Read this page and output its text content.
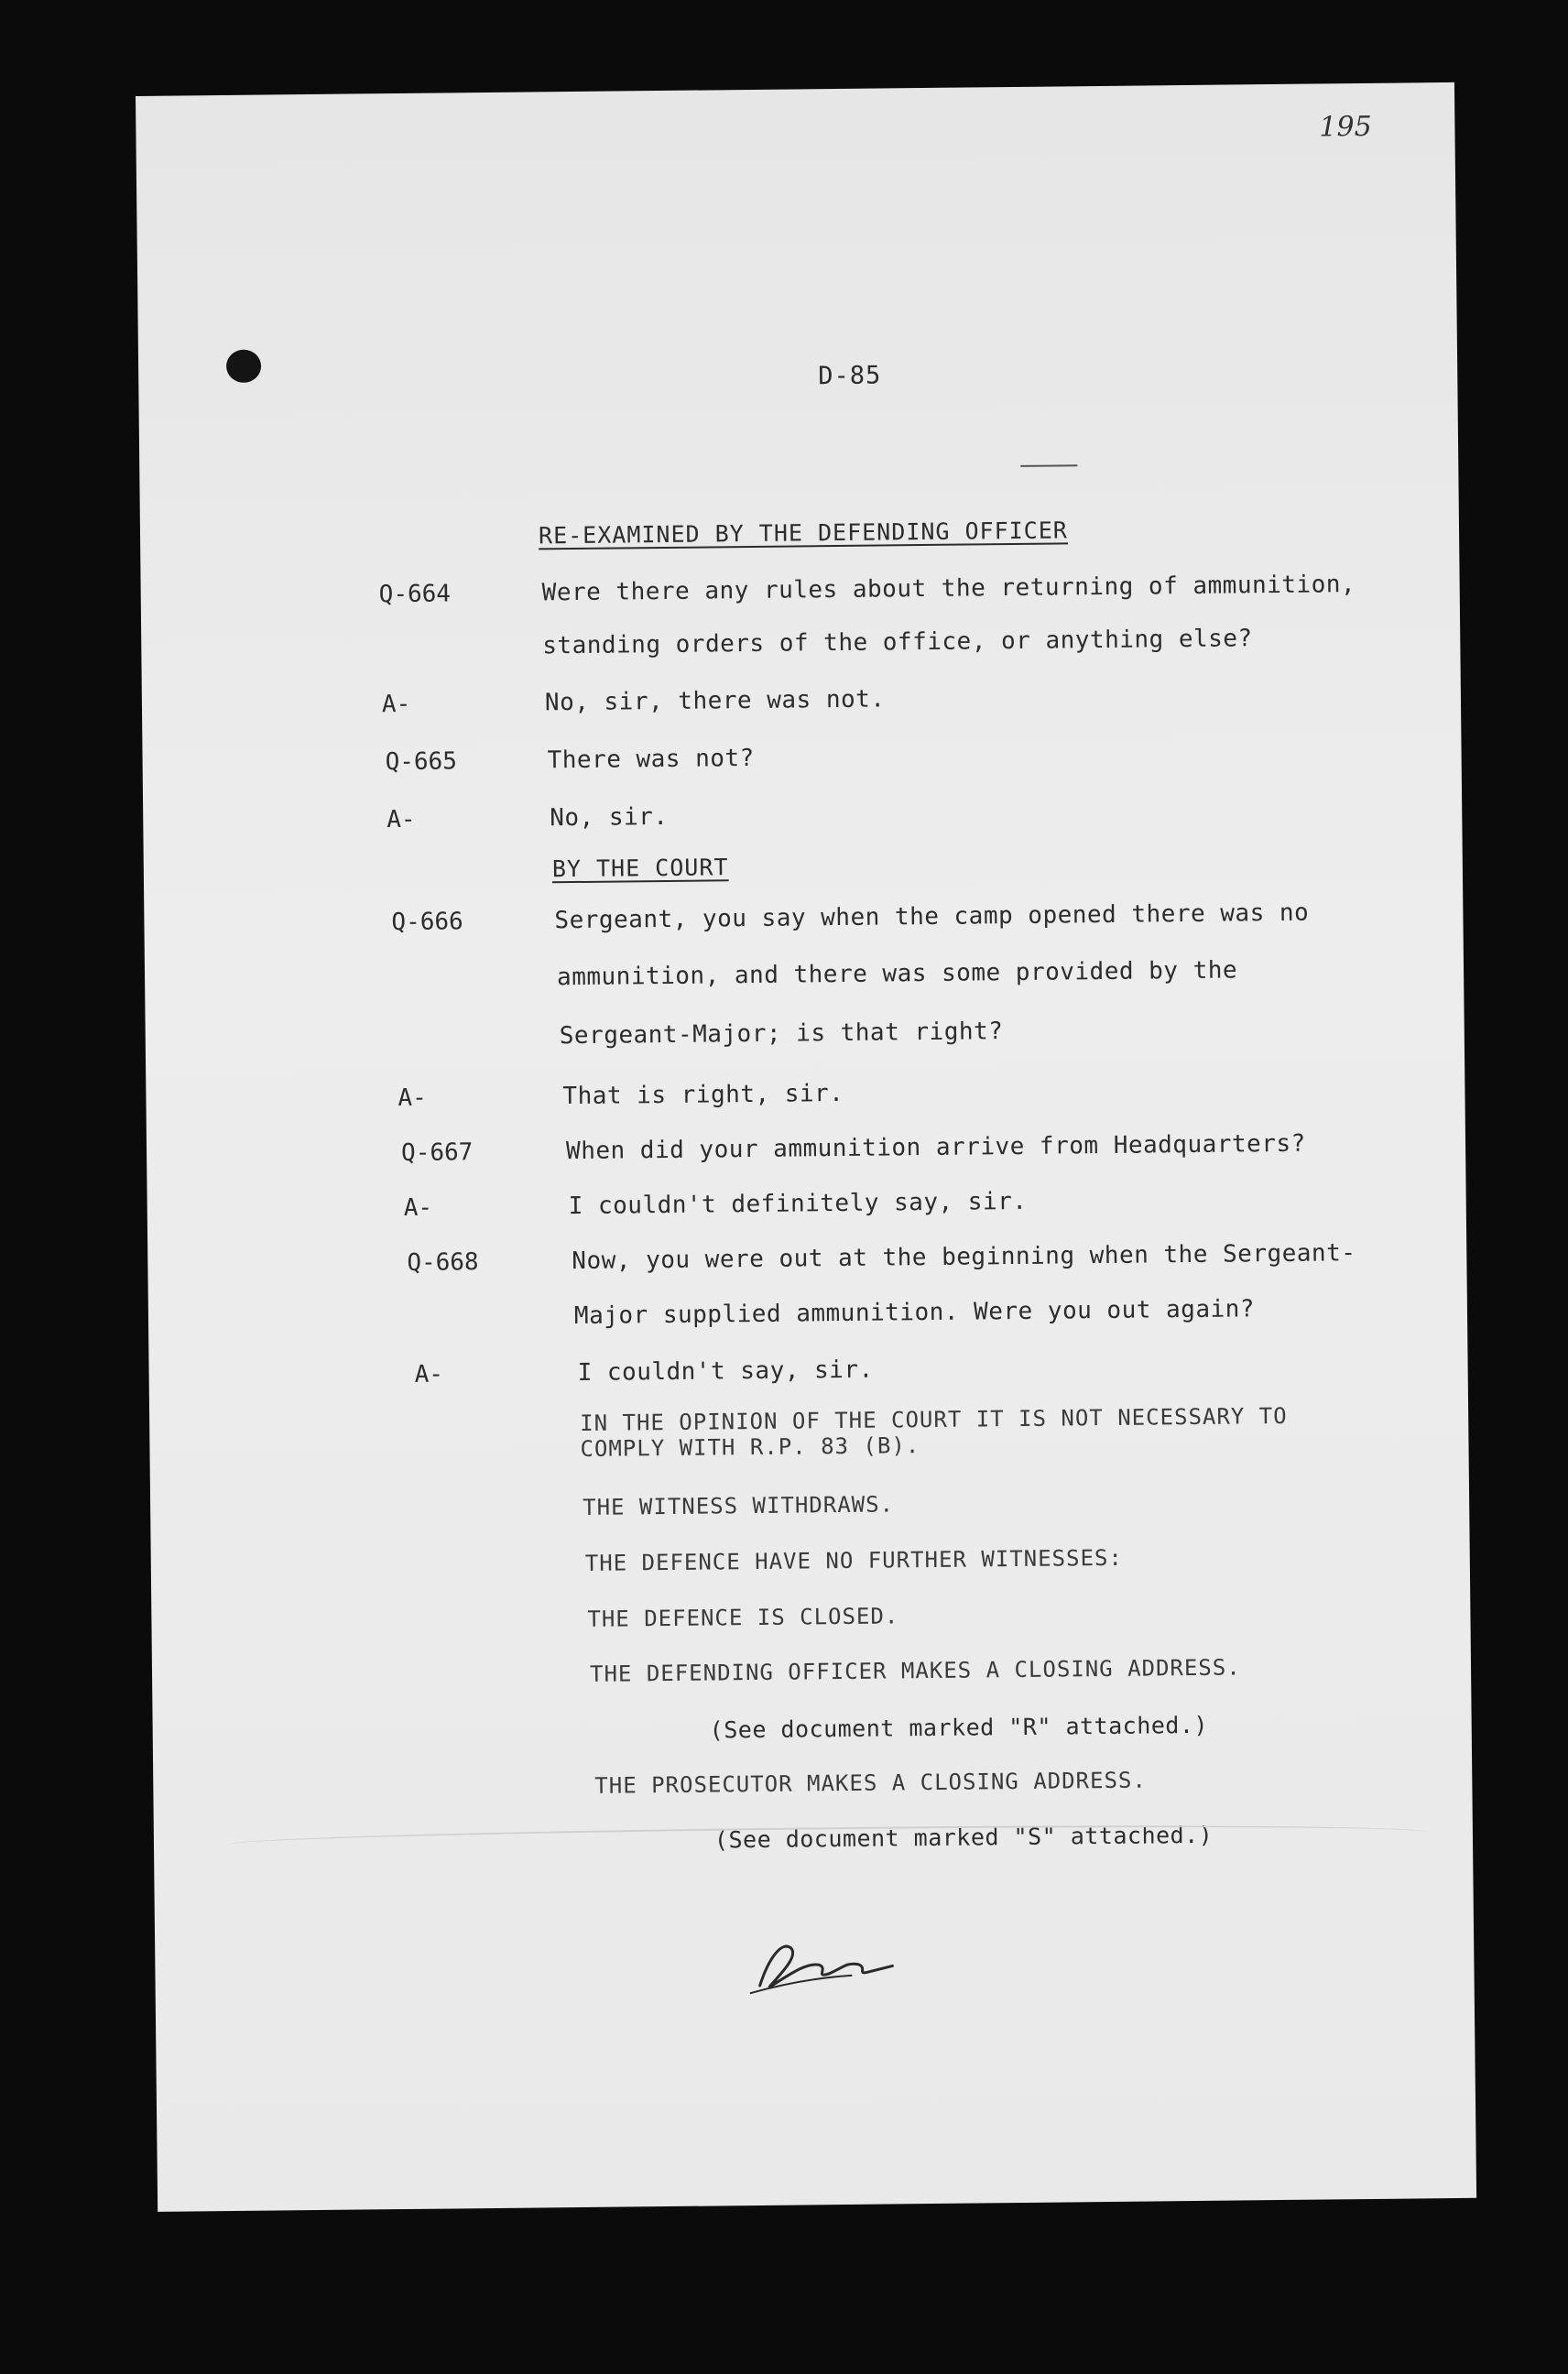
195
D-85
RE-EXAMINED BY THE DEFENDING OFFICER
Q-664	Were there any rules about the returning of ammunition,
standing orders of the office, or anything else?
A-	No, sir, there was not.
Q-665	There was not?
A-	No, sir.
BY THE COURT
Q-666	Sergeant, you say when the camp opened there was no
ammunition, and there was some provided by the
Sergeant-Major; is that right?
A-	That is right, sir.
Q-667	When did your ammunition arrive from Headquarters?
A-	I couldn't definitely say, sir.
Q-668	Now, you were out at the beginning when the Sergeant-
Major supplied ammunition. Were you out again?
A-	I couldn't say, sir.
IN THE OPINION OF THE COURT IT IS NOT NECESSARY TO
COMPLY WITH R.P. 83 (B).
THE WITNESS WITHDRAWS.
THE DEFENCE HAVE NO FURTHER WITNESSES:
THE DEFENCE IS CLOSED.
THE DEFENDING OFFICER MAKES A CLOSING ADDRESS.
(See document marked "R" attached.)
THE PROSECUTOR MAKES A CLOSING ADDRESS.
(See document marked "S" attached.)
